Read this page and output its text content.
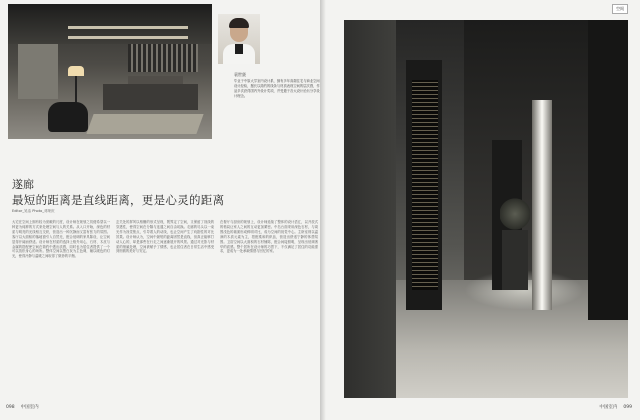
袁世贤
毕业于中原大学室内设计系，拥有多年高端住宅与商业空间设计经验，擅长以简约的线条与材质表现空间的层次感，作品多次获得国内外设计奖项，并受邀于各大设计论坛分享设计理念。
遂廊
最短的距离是直线距离，更是心灵的距离
Editor_吴洁 Photo_邓荣庆
大宅在空间上拥有较为宽敞的尺度，设计师在规划之初便希望以一种更为纯粹的方式来处理空间与人的关系。从入口开始，深色的材质与明亮的光线相互交织，营造出一种沉静而又富有张力的氛围。客厅以大面积的落地窗引入自然光，配合低调的家具陈设，让空间显得开阔而舒适。设计师在材质的选择上格外用心，石材、木皮与金属的搭配使空间在简约中透出质感，同时也为居住者提供了一个可以放松身心的场所。整体空间以黑白灰为主色调，辅以暖色的灯光，使得冷静与温暖之间取得了微妙的平衡。
玄关处的屏风以格栅的形式呈现，既界定了空间，又保留了视线的穿透性，使得空间在分隔与连通之间自由切换。走廊的尽头以一束光作为视觉焦点，引导着人的动线，也让空间产生了戏剧性的对比效果。设计师认为，空间中最短的距离固然是直线，但真正能够打动人心的，却是那些在行走之间逐渐展开的风景。通过对光影与材质的细腻处理，空间被赋予了情感，也让居住者在日常生活中感受到细微的美好与安定。
在餐厅与厨房的规划上，设计师延续了整体的设计语汇，以开放式的格局让家人之间的互动更加紧密。中岛台面采用深色石材，与周围浅色的墙面形成鲜明对比，成为空间的视觉中心。主卧室则以温润的木质元素为主，搭配柔和的织品，营造出舒适宁静的休憩氛围。卫浴空间以大面积的石材铺陈，配合间接照明，呈现出低调奢华的质感。整个居所在设计师的巧思下，不仅满足了居住的功能需求，更成为一处承载情感与回忆的家。
098 中国室内
空间
中国室内 099
